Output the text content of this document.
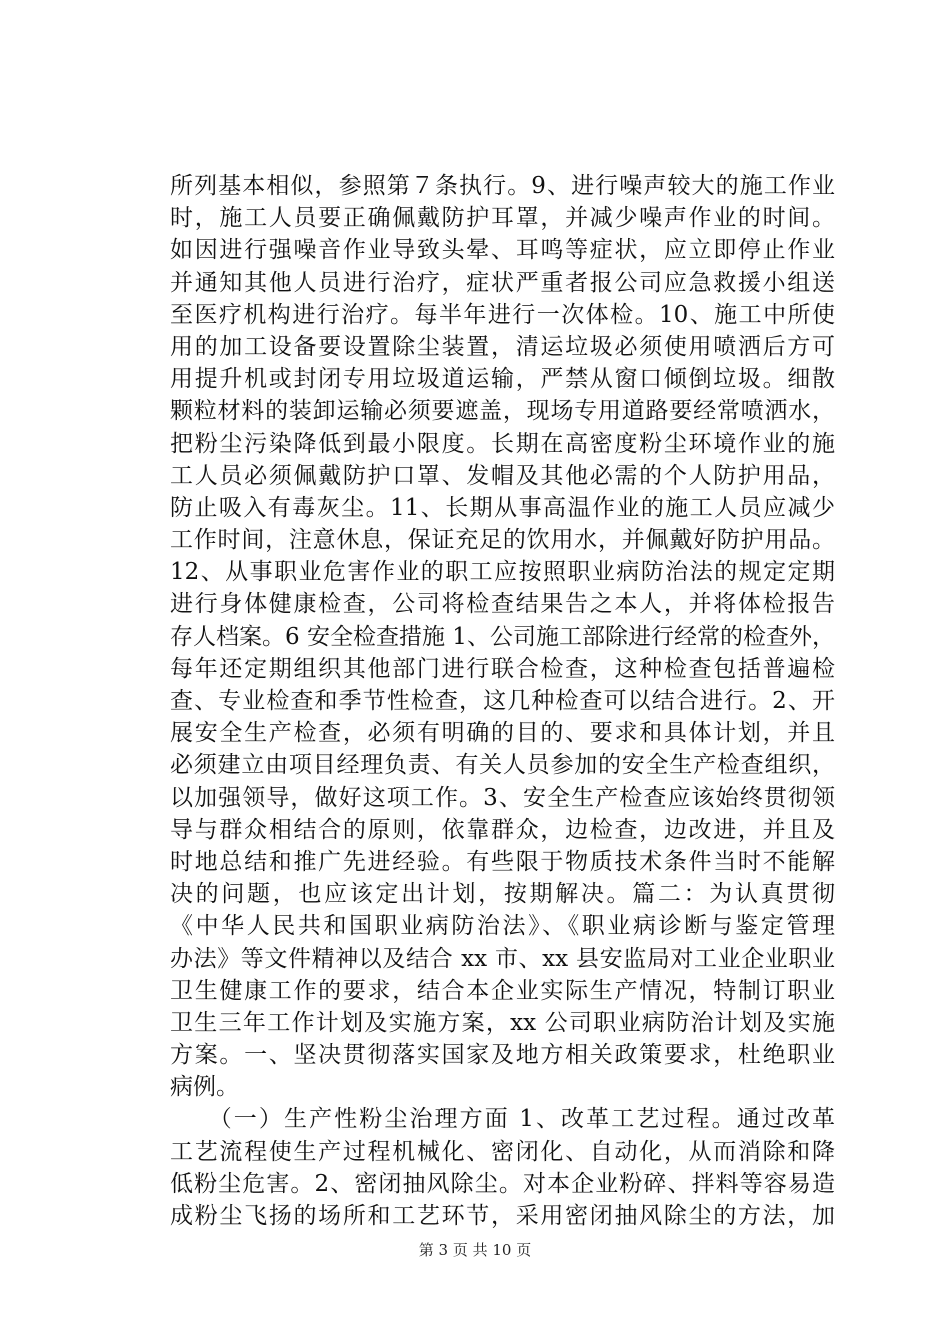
所列基本相似，参照第７条执行。9、进行噪声较大的施工作业
时，施工人员要正确佩戴防护耳罩，并减少噪声作业的时间。
如因进行强噪音作业导致头晕、耳鸣等症状，应立即停止作业
并通知其他人员进行治疗，症状严重者报公司应急救援小组送
至医疗机构进行治疗。每半年进行一次体检。10、施工中所使
用的加工设备要设置除尘装置，清运垃圾必须使用喷洒后方可
用提升机或封闭专用垃圾道运输，严禁从窗口倾倒垃圾。细散
颗粒材料的装卸运输必须要遮盖，现场专用道路要经常喷洒水，
把粉尘污染降低到最小限度。长期在高密度粉尘环境作业的施
工人员必须佩戴防护口罩、发帽及其他必需的个人防护用品，
防止吸入有毒灰尘。11、长期从事高温作业的施工人员应减少
工作时间，注意休息，保证充足的饮用水，并佩戴好防护用品。
12、从事职业危害作业的职工应按照职业病防治法的规定定期
进行身体健康检查，公司将检查结果告之本人，并将体检报告
存人档案。6 安全检查措施 1、公司施工部除进行经常的检查外，
每年还定期组织其他部门进行联合检查，这种检查包括普遍检
查、专业检查和季节性检查，这几种检查可以结合进行。2、开
展安全生产检查，必须有明确的目的、要求和具体计划，并且
必须建立由项目经理负责、有关人员参加的安全生产检查组织，
以加强领导，做好这项工作。3、安全生产检查应该始终贯彻领
导与群众相结合的原则，依靠群众，边检查，边改进，并且及
时地总结和推广先进经验。有些限于物质技术条件当时不能解
决的问题，也应该定出计划，按期解决。篇二：为认真贯彻
《中华人民共和国职业病防治法》、《职业病诊断与鉴定管理
办法》等文件精神以及结合 xx 市、xx 县安监局对工业企业职业
卫生健康工作的要求，结合本企业实际生产情况，特制订职业
卫生三年工作计划及实施方案，xx 公司职业病防治计划及实施
方案。一、坚决贯彻落实国家及地方相关政策要求，杜绝职业
病例。
　　（一）生产性粉尘治理方面 1、改革工艺过程。通过改革
工艺流程使生产过程机械化、密闭化、自动化，从而消除和降
低粉尘危害。2、密闭抽风除尘。对本企业粉碎、拌料等容易造
成粉尘飞扬的场所和工艺环节，采用密闭抽风除尘的方法，加
第 3 页 共 10 页
